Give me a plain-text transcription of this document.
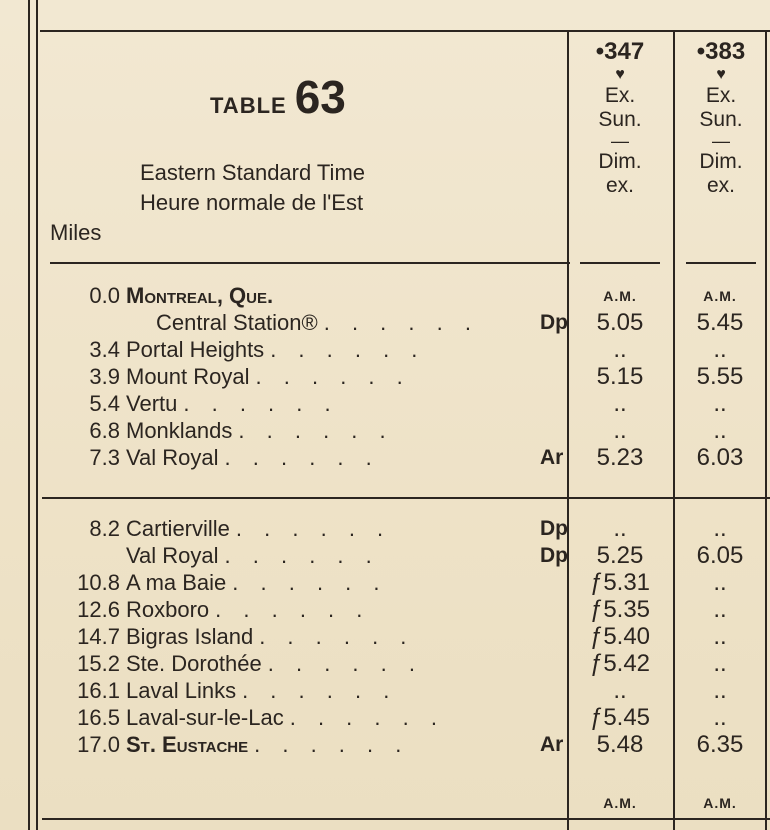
TABLE 63
Eastern Standard Time
Heure normale de l'Est
Miles
•347
♥
Ex.
Sun.
—
Dim.
ex.
•383
♥
Ex.
Sun.
—
Dim.
ex.
A.M.	A.M.
A.M.	A.M.
0.0 Montreal, Que.
Central Station® . . . . . .	Dp	5.05	5.45
3.4 Portal Heights . . . . . .	..	..
3.9 Mount Royal . . . . . .	5.15	5.55
5.4 Vertu . . . . . .	..	..
6.8 Monklands . . . . . .	..	..
7.3 Val Royal . . . . . .	Ar	5.23	6.03
8.2 Cartierville . . . . . .	Dp	..	..
Val Royal . . . . . .	Dp	5.25	6.05
10.8 A ma Baie . . . . . .	ƒ5.31	..
12.6 Roxboro . . . . . .	ƒ5.35	..
14.7 Bigras Island . . . . . .	ƒ5.40	..
15.2 Ste. Dorothée . . . . . .	ƒ5.42	..
16.1 Laval Links . . . . . .	..	..
16.5 Laval-sur-le-Lac . . . . . .	ƒ5.45	..
17.0 St. Eustache . . . . . .	Ar	5.48	6.35
